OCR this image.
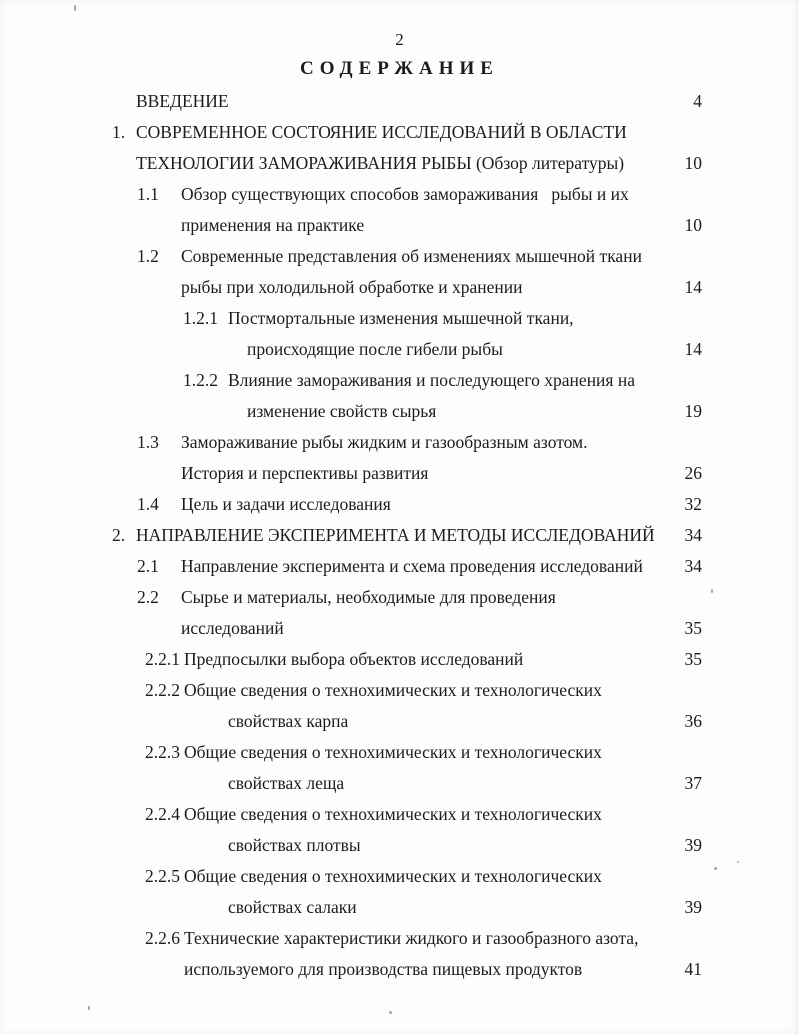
2
СОДЕРЖАНИЕ
ВВЕДЕНИЕ	4
1. СОВРЕМЕННОЕ СОСТОЯНИЕ ИССЛЕДОВАНИЙ В ОБЛАСТИ
ТЕХНОЛОГИИ ЗАМОРАЖИВАНИЯ РЫБЫ (Обзор литературы)	10
1.1 Обзор существующих способов замораживания   рыбы и их
применения на практике	10
1.2 Современные представления об изменениях мышечной ткани
рыбы при холодильной обработке и хранении	14
1.2.1 Постмортальные изменения мышечной ткани,
происходящие после гибели рыбы	14
1.2.2 Влияние замораживания и последующего хранения на
изменение свойств сырья	19
1.3 Замораживание рыбы жидким и газообразным азотом.
История и перспективы развития	26
1.4 Цель и задачи исследования	32
2. НАПРАВЛЕНИЕ ЭКСПЕРИМЕНТА И МЕТОДЫ ИССЛЕДОВАНИЙ 34
2.1 Направление эксперимента и схема проведения исследований 34
2.2 Сырье и материалы, необходимые для проведения
исследований	35
2.2.1 Предпосылки выбора объектов исследований	35
2.2.2 Общие сведения о технохимических и технологических
свойствах карпа	36
2.2.3 Общие сведения о технохимических и технологических
свойствах леща	37
2.2.4 Общие сведения о технохимических и технологических
свойствах плотвы	39
2.2.5 Общие сведения о технохимических и технологических
свойствах салаки	39
2.2.6 Технические характеристики жидкого и газообразного азота,
используемого для производства пищевых продуктов	41
